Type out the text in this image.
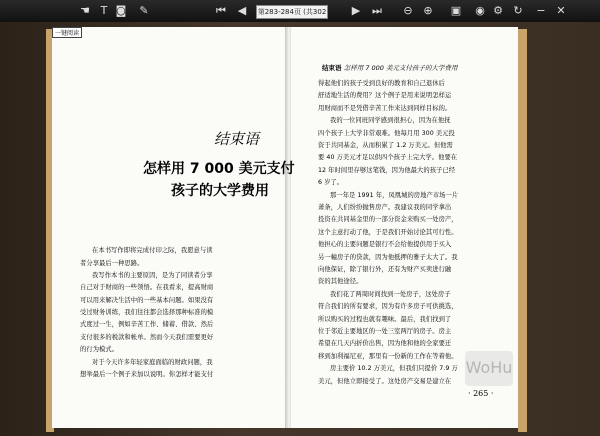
☚ T ◙	✎	⏮	◀	第283-284页 (共302	▶	⏭	⊖ ⊕	▣ ◉ ⚙ ↻	− ✕
一键阅读
结束语
怎样用 7 000 美元支付
孩子的大学费用
在本书写作即将完成付印之际，我愿意与读
者分享最后一种思路。
我写作本书的主要原因，是为了同读者分享
自己对于财商的一些领悟。在我看来，提高财商
可以用来解决生活中的一些基本问题。如果没有
受过财务训练，我们往往都会选择那种标准的模
式度过一生，例如辛苦工作、储蓄、借款、然后
支付很多的税款和帐单。然而今天我们需要更好
的行为模式。
对于今天许多年轻家庭面临的财政问题，我
想举最后一个例子来加以说明。你怎样才能支付
结束语 怎样用 7 000 美元支付孩子的大学费用
得起他们的孩子受到良好的教育和自己退休后
舒适地生活的费用？这个例子是用来说明怎样运
用财商而不是凭借辛苦工作来达到同样目标的。
我的一位同班同学感到很担心，因为在他抚
四个孩子上大学非常艰难。他每月用 300 美元投
资于共同基金，从而积累了 1.2 万美元。但他需
要 40 万美元才足以供四个孩子上完大学。他要在
12 年时间里存够这笔钱，因为他最大的孩子已经
6 岁了。
那一年是 1991 年，凤凰城的房地产市场一片
萧条，人们纷纷抛售房产。我建议我的同学拿出
投资在共同基金里的一部分资金来购买一处房产，
这个主意打动了他，于是我们开始讨论其可行性。
他担心的主要问题是银行不会给他提供用于买入
另一幢房子的贷款，因为他抵押的雅子太大了。我
向他保证，除了银行外，还有为财产买卖进行融
资的其他途径。
我们花了两周时间找到一处房子，这处房子
符合我们的所有要求，因为有许多房子可供挑选，
所以购买的过程也就有趣味。最后，我们找到了
位于邻近主要地区的一处三室两厅的房子。房主
希望在几天内折价出售，因为他和他的全家要迁
移到加利福尼亚，那里有一份新的工作在等着他。
房主要价 10.2 万美元，但我们只提价 7.9 万
美元，但他立即接受了。这处房产交易是建立在
WoHu
· 265 ·
